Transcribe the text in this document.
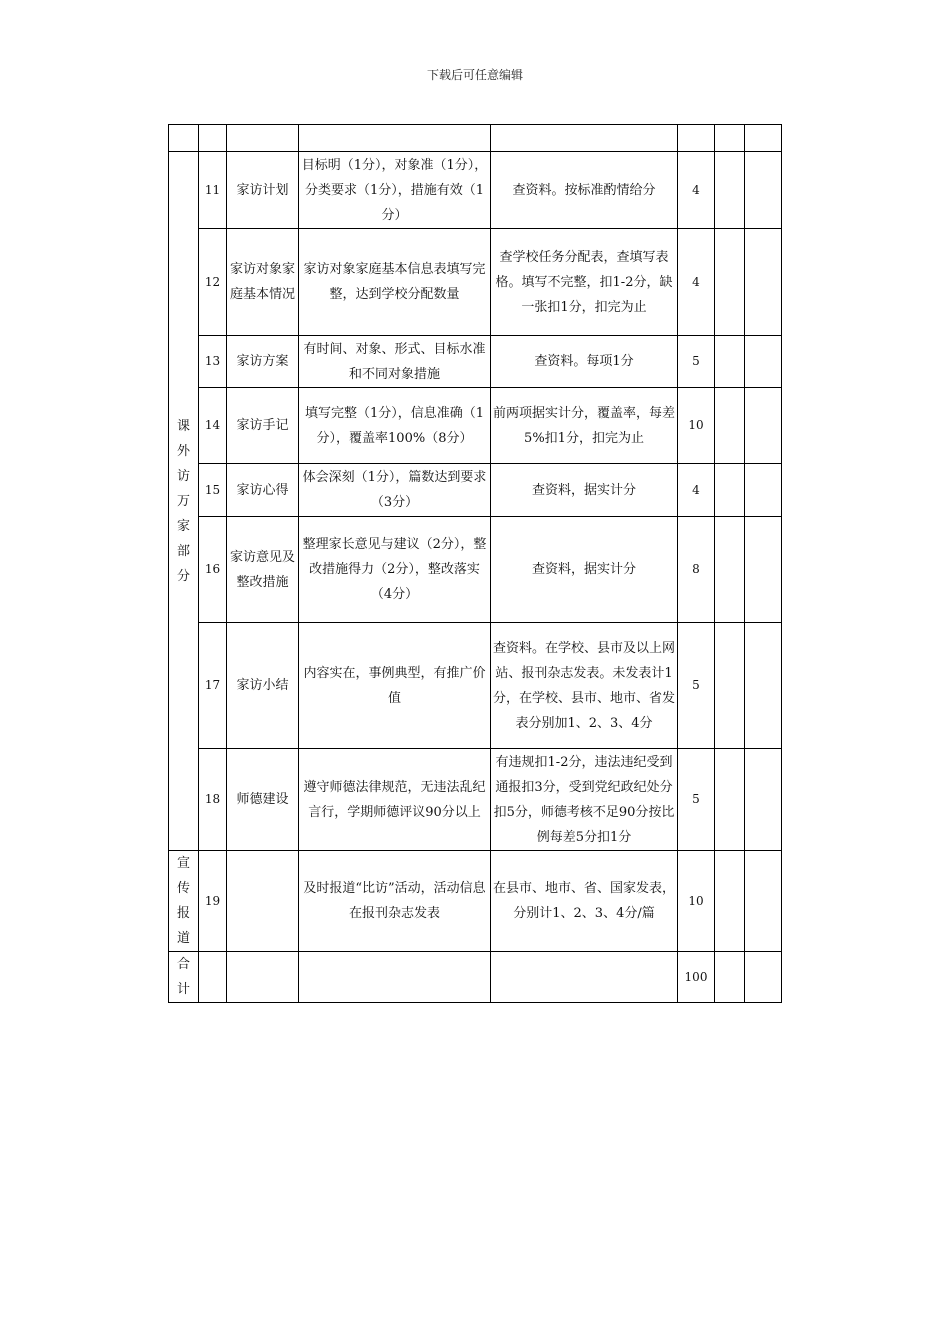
下载后可任意编辑

课外访万家部分	11	家访计划	目标明（1分），对象准（1分），分类要求（1分），措施有效（1分）	查资料。按标准酌情给分	4		
	12	家访对象家庭基本情况	家访对象家庭基本信息表填写完整，达到学校分配数量	查学校任务分配表，查填写表格。填写不完整，扣1-2分，缺一张扣1分，扣完为止	4		
	13	家访方案	有时间、对象、形式、目标水准和不同对象措施	查资料。每项1分	5		
	14	家访手记	填写完整（1分），信息准确（1分），覆盖率100%（8分）	前两项据实计分，覆盖率，每差5%扣1分，扣完为止	10		
	15	家访心得	体会深刻（1分），篇数达到要求（3分）	查资料，据实计分	4		
	16	家访意见及整改措施	整理家长意见与建议（2分），整改措施得力（2分），整改落实（4分）	查资料，据实计分	8		
	17	家访小结	内容实在，事例典型，有推广价值	查资料。在学校、县市及以上网站、报刊杂志发表。未发表计1分，在学校、县市、地市、省发表分别加1、2、3、4分	5		
	18	师德建设	遵守师德法律规范，无违法乱纪言行，学期师德评议90分以上	有违规扣1-2分，违法违纪受到通报扣3分，受到党纪政纪处分扣5分，师德考核不足90分按比例每差5分扣1分	5		
宣传报道	19		及时报道“比访”活动，活动信息在报刊杂志发表	在县市、地市、省、国家发表，分别计1、2、3、4分/篇	10		
合计					100		
